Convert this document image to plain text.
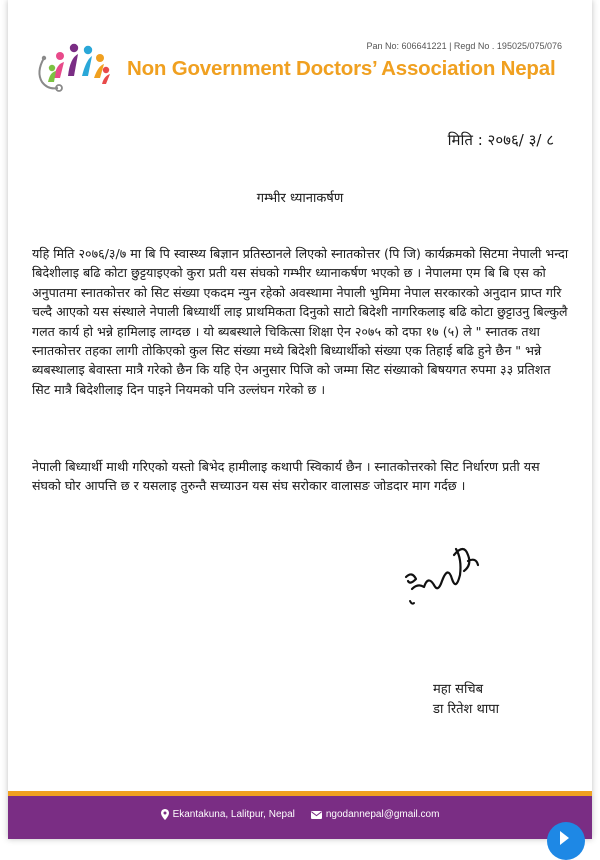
Pan No: 606641221 | Regd No . 195025/075/076
Non Government Doctors’ Association Nepal
मिति : २०७६/ ३/ ८
गम्भीर ध्यानाकर्षण

यहि मिति २०७६/३/७ मा बि पि स्वास्थ्य बिज्ञान प्रतिस्ठानले लिएको स्नातकोत्तर (पि जि) कार्यक्रमको सिटमा नेपाली भन्दा बिदेशीलाइ बढि कोटा छुट्टयाइएको कुरा प्रती यस संघको गम्भीर ध्यानाकर्षण भएको छ । नेपालमा एम बि बि एस को अनुपातमा स्नातकोत्तर को सिट संख्या एकदम न्युन रहेको अवस्थामा नेपाली भुमिमा नेपाल सरकारको अनुदान प्राप्त गरि चल्दै आएको यस संस्थाले नेपाली बिध्यार्थी लाइ प्राथमिकता दिनुको साटो बिदेशी नागरिकलाइ बढि कोटा छुट्टाउनु बिल्कुलै गलत कार्य हो भन्ने हामिलाइ लाग्दछ । यो ब्यबस्थाले चिकित्सा शिक्षा ऐन २०७५ को दफा १७ (५) ले " स्नातक तथा स्नातकोत्तर तहका लागी तोकिएको कुल सिट संख्या मध्ये बिदेशी बिध्यार्थीको संख्या एक तिहाई बढि हुने छैन " भन्ने ब्यबस्थालाइ बेवास्ता मात्रै गरेको छैन कि यहि ऐन अनुसार पिजि को जम्मा सिट संख्याको बिषयगत रुपमा ३३ प्रतिशत सिट मात्रै बिदेशीलाइ दिन पाइने नियमको पनि उल्लंघन गरेको छ ।

नेपाली बिध्यार्थी माथी गरिएको यस्तो बिभेद हामीलाइ कथापी स्विकार्य छैन । स्नातकोत्तरको सिट निर्धारण प्रती यस संघको घोर आपत्ति छ र यसलाइ तुरुन्तै सच्याउन यस संघ सरोकार वालासङ जोडदार माग गर्दछ ।

महा सचिब
डा रितेश थापा
Ekantakuna, Lalitpur, Nepal	ngodannepal@gmail.com
